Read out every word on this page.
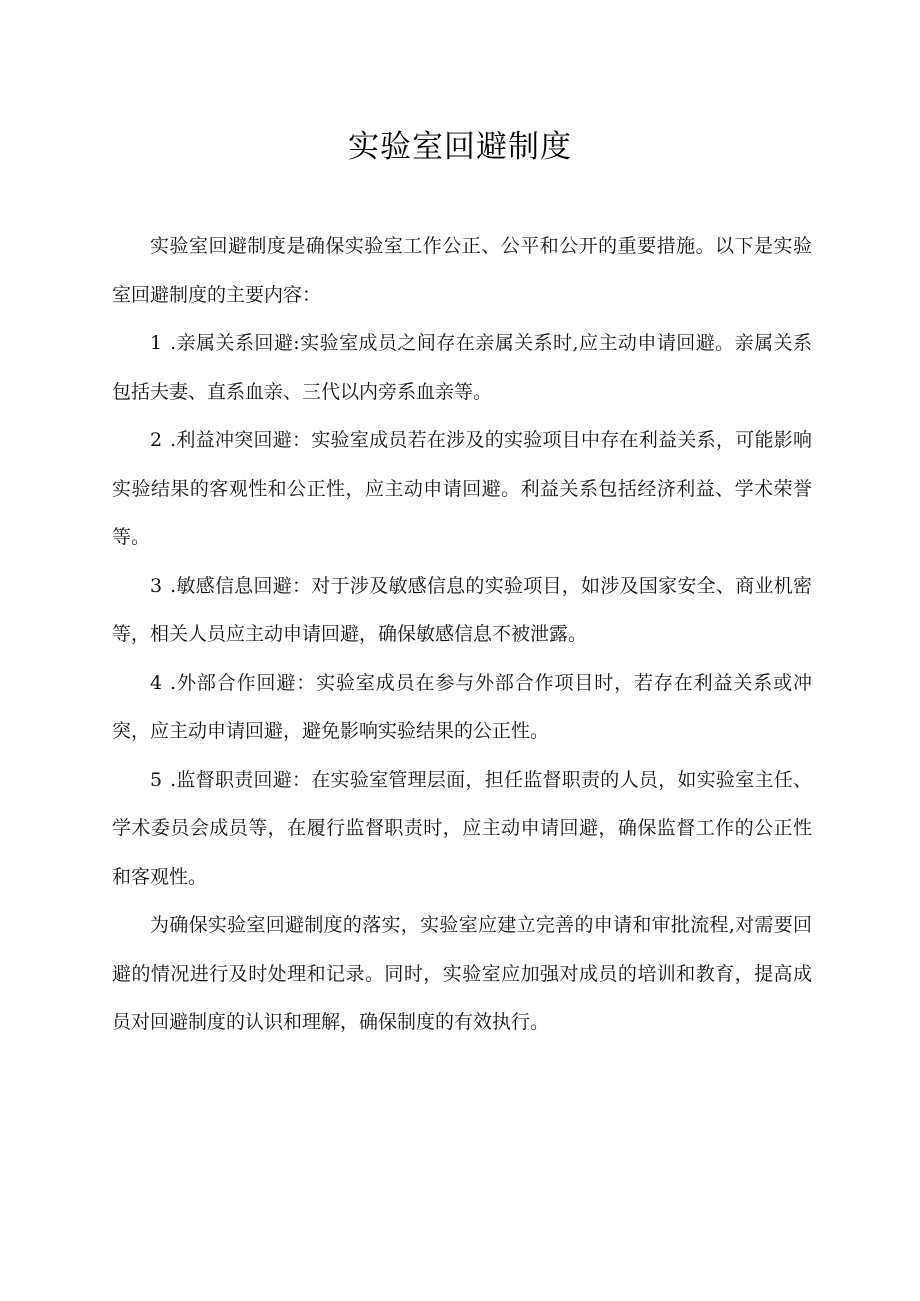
实验室回避制度

实验室回避制度是确保实验室工作公正、公平和公开的重要措施。以下是实验室回避制度的主要内容：

1 .亲属关系回避:实验室成员之间存在亲属关系时,应主动申请回避。亲属关系包括夫妻、直系血亲、三代以内旁系血亲等。

2 .利益冲突回避：实验室成员若在涉及的实验项目中存在利益关系，可能影响实验结果的客观性和公正性，应主动申请回避。利益关系包括经济利益、学术荣誉等。

3 .敏感信息回避：对于涉及敏感信息的实验项目，如涉及国家安全、商业机密等，相关人员应主动申请回避，确保敏感信息不被泄露。

4 .外部合作回避：实验室成员在参与外部合作项目时，若存在利益关系或冲突，应主动申请回避，避免影响实验结果的公正性。

5 .监督职责回避：在实验室管理层面，担任监督职责的人员，如实验室主任、学术委员会成员等，在履行监督职责时，应主动申请回避，确保监督工作的公正性和客观性。

为确保实验室回避制度的落实，实验室应建立完善的申请和审批流程,对需要回避的情况进行及时处理和记录。同时，实验室应加强对成员的培训和教育，提高成员对回避制度的认识和理解，确保制度的有效执行。
